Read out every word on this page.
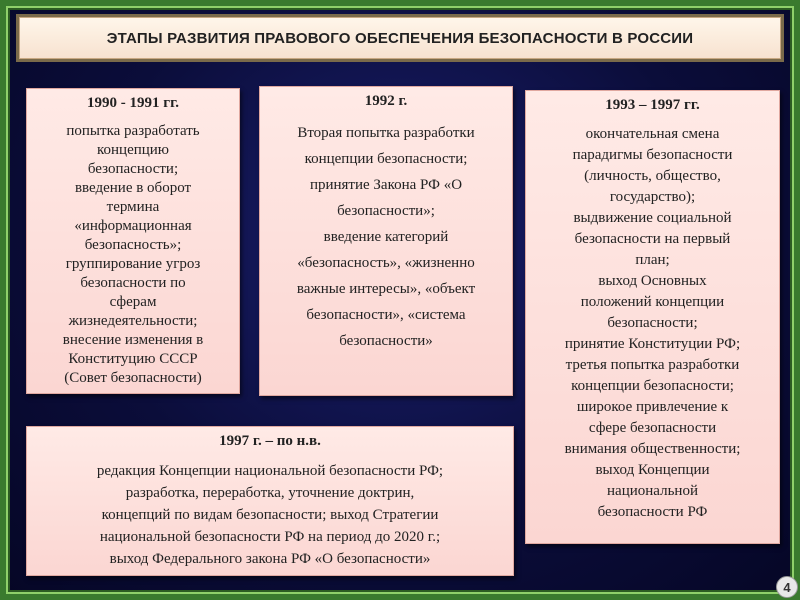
ЭТАПЫ РАЗВИТИЯ ПРАВОВОГО ОБЕСПЕЧЕНИЯ БЕЗОПАСНОСТИ В РОССИИ
1990 - 1991 гг.
попытка разработать
концепцию
безопасности;
введение в оборот
термина
«информационная
безопасность»;
группирование угроз
безопасности по
сферам
жизнедеятельности;
внесение изменения в
Конституцию СССР
(Совет безопасности)
1992 г.
Вторая попытка разработки
концепции безопасности;
принятие Закона РФ «О
безопасности»;
введение категорий
«безопасность», «жизненно
важные интересы», «объект
безопасности», «система
безопасности»
1993 – 1997 гг.
окончательная смена
парадигмы безопасности
(личность, общество,
государство);
выдвижение социальной
безопасности на первый
план;
выход Основных
положений концепции
безопасности;
принятие Конституции РФ;
третья попытка разработки
концепции безопасности;
широкое привлечение к
сфере безопасности
внимания общественности;
выход Концепции
национальной
безопасности РФ
1997 г. – по н.в.
редакция Концепции национальной безопасности РФ;
разработка, переработка, уточнение доктрин,
концепций по видам безопасности; выход Стратегии
национальной безопасности РФ на период до 2020 г.;
выход Федерального закона РФ «О безопасности»
4
